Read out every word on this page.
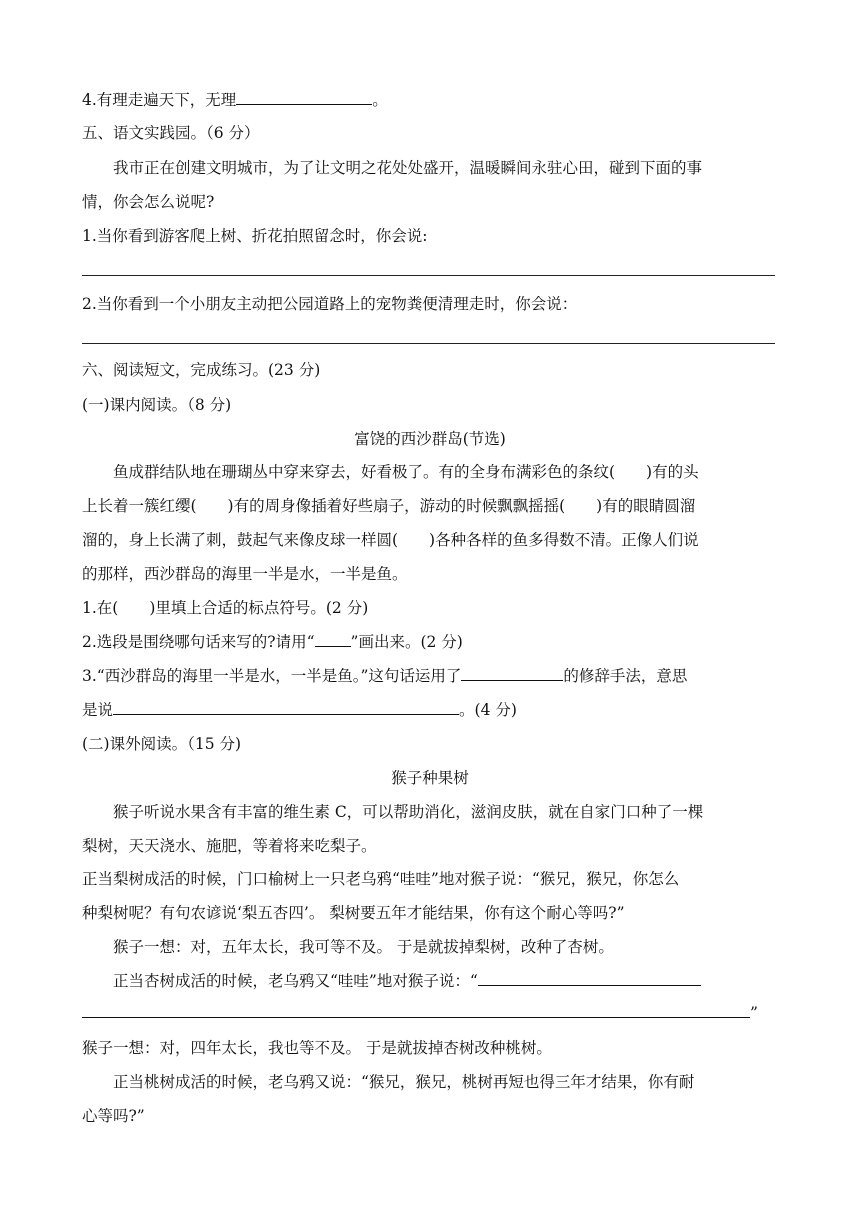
4.有理走遍天下，无理	。
五、语文实践园。（6 分）
我市正在创建文明城市，为了让文明之花处处盛开，温暖瞬间永驻心田，碰到下面的事
情，你会怎么说呢?
1.当你看到游客爬上树、折花拍照留念时，你会说:
2.当你看到一个小朋友主动把公园道路上的宠物粪便清理走时，你会说：
六、阅读短文，完成练习。(23 分)
(一)课内阅读。（8 分)
富饶的西沙群岛(节选)
鱼成群结队地在珊瑚丛中穿来穿去，好看极了。有的全身布满彩色的条纹(　　)有的头
上长着一簇红缨(　　)有的周身像插着好些扇子，游动的时候飘飘摇摇(　　)有的眼睛圆溜
溜的，身上长满了刺，鼓起气来像皮球一样圆(　　)各种各样的鱼多得数不清。正像人们说
的那样，西沙群岛的海里一半是水，一半是鱼。
1.在(　　)里填上合适的标点符号。(2 分)
2.选段是围绕哪句话来写的?请用“ ”画出来。(2 分)
3.“西沙群岛的海里一半是水，一半是鱼。”这句话运用了	的修辞手法，意思
是说	。(4 分)
(二)课外阅读。（15 分)
猴子种果树
猴子听说水果含有丰富的维生素 C，可以帮助消化，滋润皮肤，就在自家门口种了一棵
梨树，天天浇水、施肥，等着将来吃梨子。
正当梨树成活的时候，门口榆树上一只老乌鸦“哇哇”地对猴子说：“猴兄，猴兄，你怎么
种梨树呢？有句农谚说‘梨五杏四’。 梨树要五年才能结果，你有这个耐心等吗?”
猴子一想：对，五年太长，我可等不及。 于是就拔掉梨树，改种了杏树。
正当杏树成活的时候，老乌鸦又“哇哇”地对猴子说：“
”
猴子一想：对，四年太长，我也等不及。 于是就拔掉杏树改种桃树。
正当桃树成活的时候，老乌鸦又说：“猴兄，猴兄，桃树再短也得三年才结果，你有耐
心等吗?”
